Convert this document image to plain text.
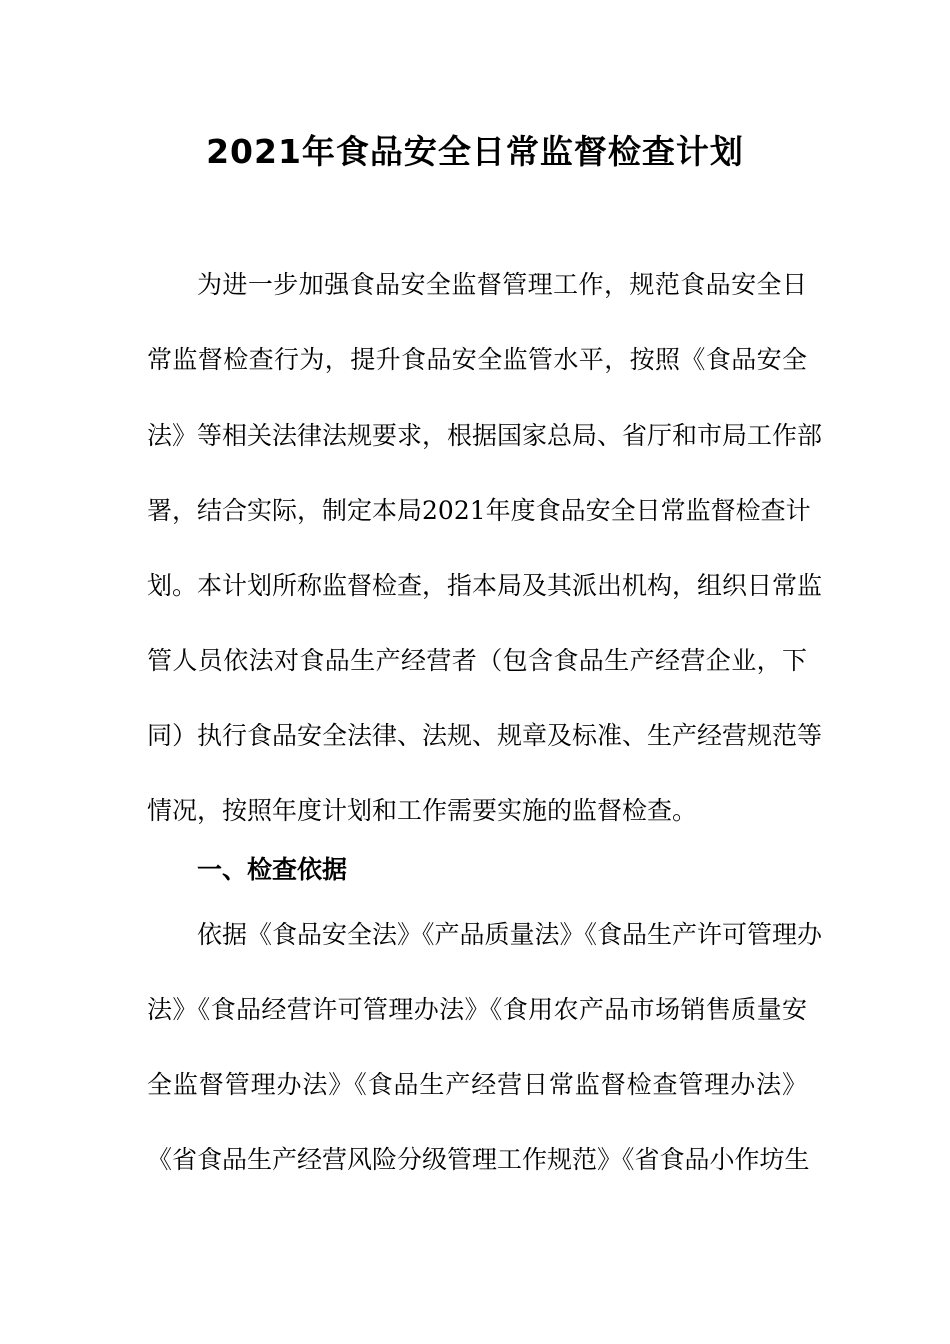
2021年食品安全日常监督检查计划

为进一步加强食品安全监督管理工作，规范食品安全日

常监督检查行为，提升食品安全监管水平，按照《食品安全

法》等相关法律法规要求，根据国家总局、省厅和市局工作部

署，结合实际，制定本局2021年度食品安全日常监督检查计

划。本计划所称监督检查，指本局及其派出机构，组织日常监

管人员依法对食品生产经营者（包含食品生产经营企业，下

同）执行食品安全法律、法规、规章及标准、生产经营规范等

情况，按照年度计划和工作需要实施的监督检查。

一、检查依据

依据《食品安全法》《产品质量法》《食品生产许可管理办

法》《食品经营许可管理办法》《食用农产品市场销售质量安

全监督管理办法》《食品生产经营日常监督检查管理办法》

《省食品生产经营风险分级管理工作规范》《省食品小作坊生
